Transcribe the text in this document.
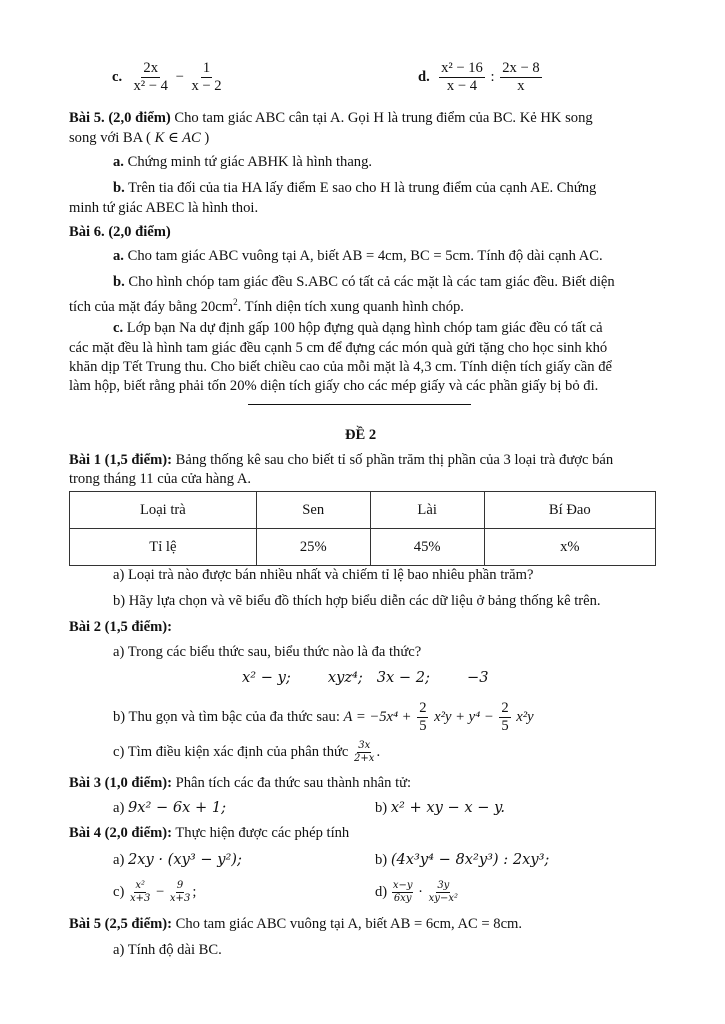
c. $\frac{2x}{\text{x² − 4}} - \frac{1}{x - 2}$	d. $\frac{\text{x² − 16}}{x - 4}$ : $\frac{2x - 8}{x}$
Bài 5. (2,0 điểm) Cho tam giác ABC cân tại A. Gọi H là trung điểm của BC. Kẻ HK song
song với BA ( K ∈ AC )
a. Chứng minh tứ giác ABHK là hình thang.
b. Trên tia đối của tia HA lấy điểm E sao cho H là trung điểm của cạnh AE. Chứng
minh tứ giác ABEC là hình thoi.
Bài 6. (2,0 điểm)
a. Cho tam giác ABC vuông tại A, biết AB = 4cm, BC = 5cm. Tính độ dài cạnh AC.
b. Cho hình chóp tam giác đều S.ABC có tất cả các mặt là các tam giác đều. Biết diện
tích của mặt đáy bằng $20cm^2$. Tính diện tích xung quanh hình chóp.
c. Lớp bạn Na dự định gấp 100 hộp đựng quà dạng hình chóp tam giác đều có tất cả
các mặt đều là hình tam giác đều cạnh 5 cm để đựng các món quà gửi tặng cho học sinh khó
khăn dịp Tết Trung thu. Cho biết chiều cao của mỗi mặt là 4,3 cm. Tính diện tích giấy cần để
làm hộp, biết rằng phải tốn 20% diện tích giấy cho các mép giấy và các phần giấy bị bỏ đi.
ĐỀ 2
Bài 1 (1,5 điểm): Bảng thống kê sau cho biết tỉ số phần trăm thị phần của 3 loại trà được bán
trong tháng 11 của cửa hàng A.
Loại trà	Sen	Lài	Bí Đao
Tỉ lệ	25%	45%	x%
a) Loại trà nào được bán nhiều nhất và chiếm tỉ lệ bao nhiêu phần trăm?
b) Hãy lựa chọn và vẽ biểu đồ thích hợp biểu diễn các dữ liệu ở bảng thống kê trên.
Bài 2 (1,5 điểm):
a) Trong các biểu thức sau, biểu thức nào là đa thức?
x² − y;        xyz⁴;   3x − 2;        −3
b) Thu gọn và tìm bậc của đa thức sau: $A = -5x^4 + \frac{2}{5} x^2y + y^4 - \frac{2}{5} x^2y$
c) Tìm điều kiện xác định của phân thức $\frac{3x}{2+x}$ .
Bài 3 (1,0 điểm): Phân tích các đa thức sau thành nhân tử:
a) 9x² − 6x + 1;	b) x² + xy − x − y.
Bài 4 (2,0 điểm): Thực hiện được các phép tính
a) 2xy · (xy³ − y²);	b) (4x³y⁴ − 8x²y³) : 2xy³;
$c) \frac{\text{x²}}{x+3} - \frac{9}{x+3}$ ;	$d) \frac{x-y}{6xy} \cdot \frac{3y}{\text{xy−x²}}$
Bài 5 (2,5 điểm): Cho tam giác ABC vuông tại A, biết AB = 6cm, AC = 8cm.
a) Tính độ dài BC.
